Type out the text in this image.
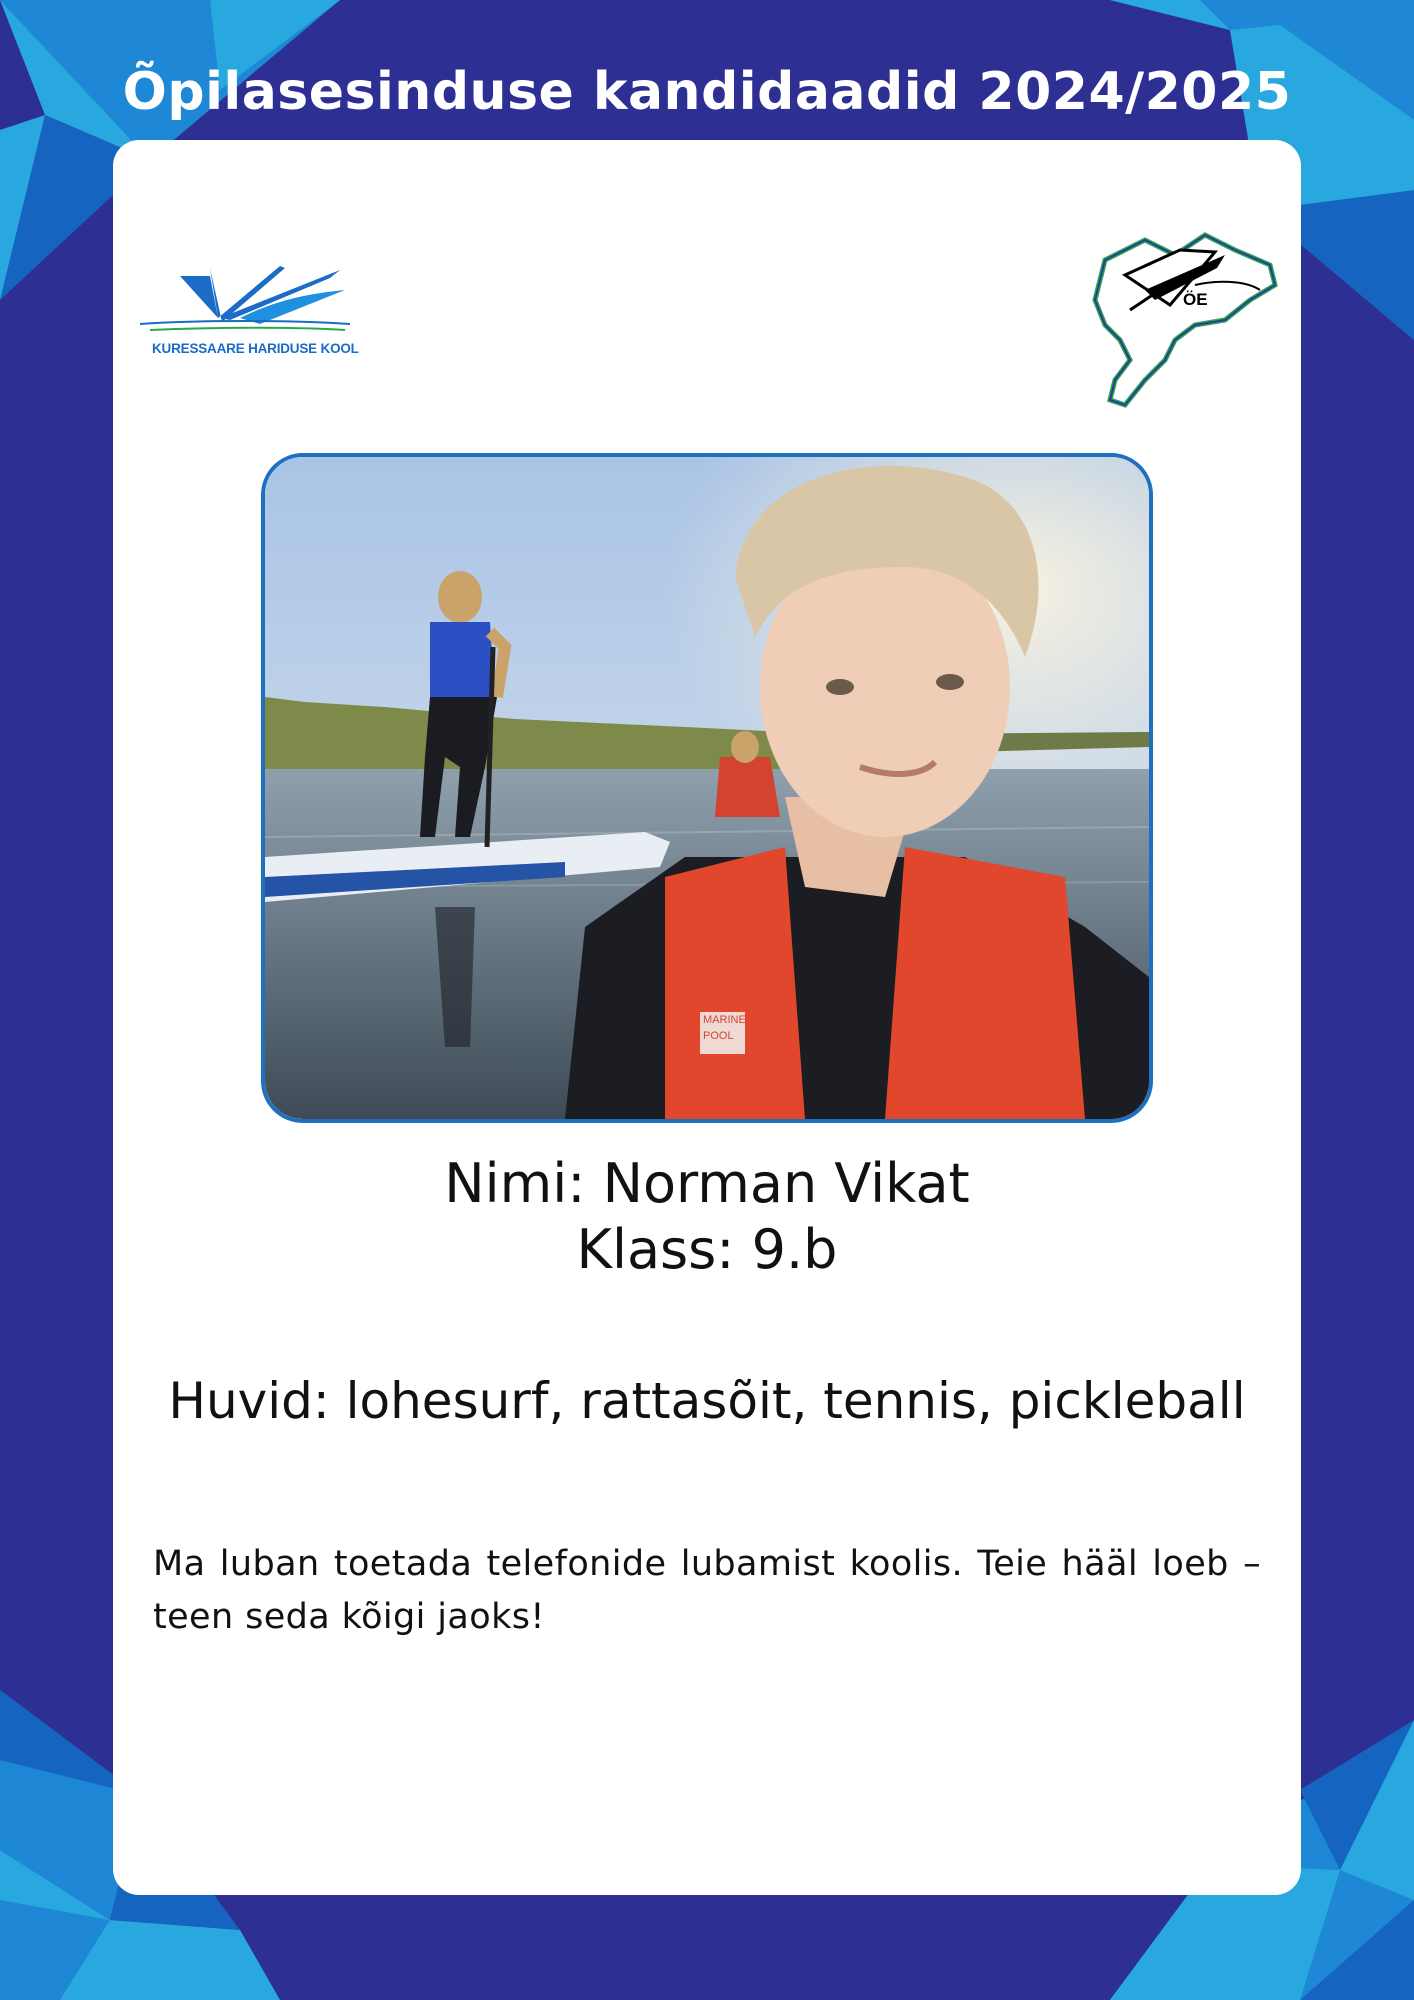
Õpilasesinduse kandidaadid 2024/2025
KURESSAARE HARIDUSE KOOL
ÖE
MARINE
POOL
Nimi: Norman Vikat
Klass: 9.b
Huvid: lohesurf, rattasõit, tennis, pickleball
Ma luban toetada telefonide lubamist koolis. Teie hääl loeb – teen seda kõigi jaoks!
